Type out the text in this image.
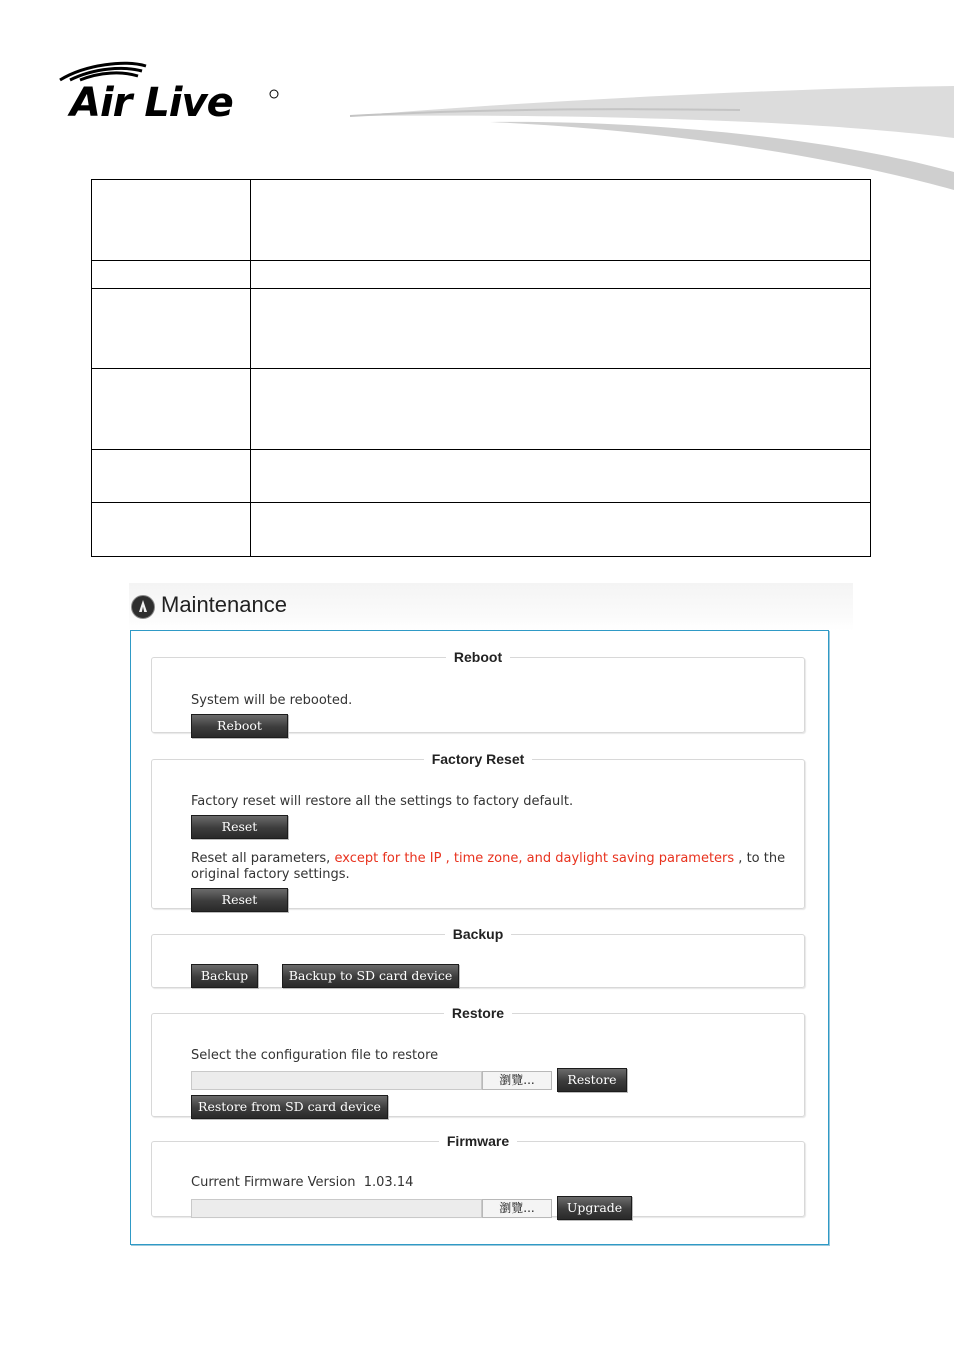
Air Live

Maintenance
Reboot
System will be rebooted.
Reboot
Factory Reset
Factory reset will restore all the settings to factory default.
Reset
Reset all parameters, except for the IP , time zone, and daylight saving parameters , to the
original factory settings.
Reset
Backup
Backup	Backup to SD card device
Restore
Select the configuration file to restore
瀏覽...	Restore
Restore from SD card device
Firmware
Current Firmware Version 1.03.14
瀏覽...	Upgrade
